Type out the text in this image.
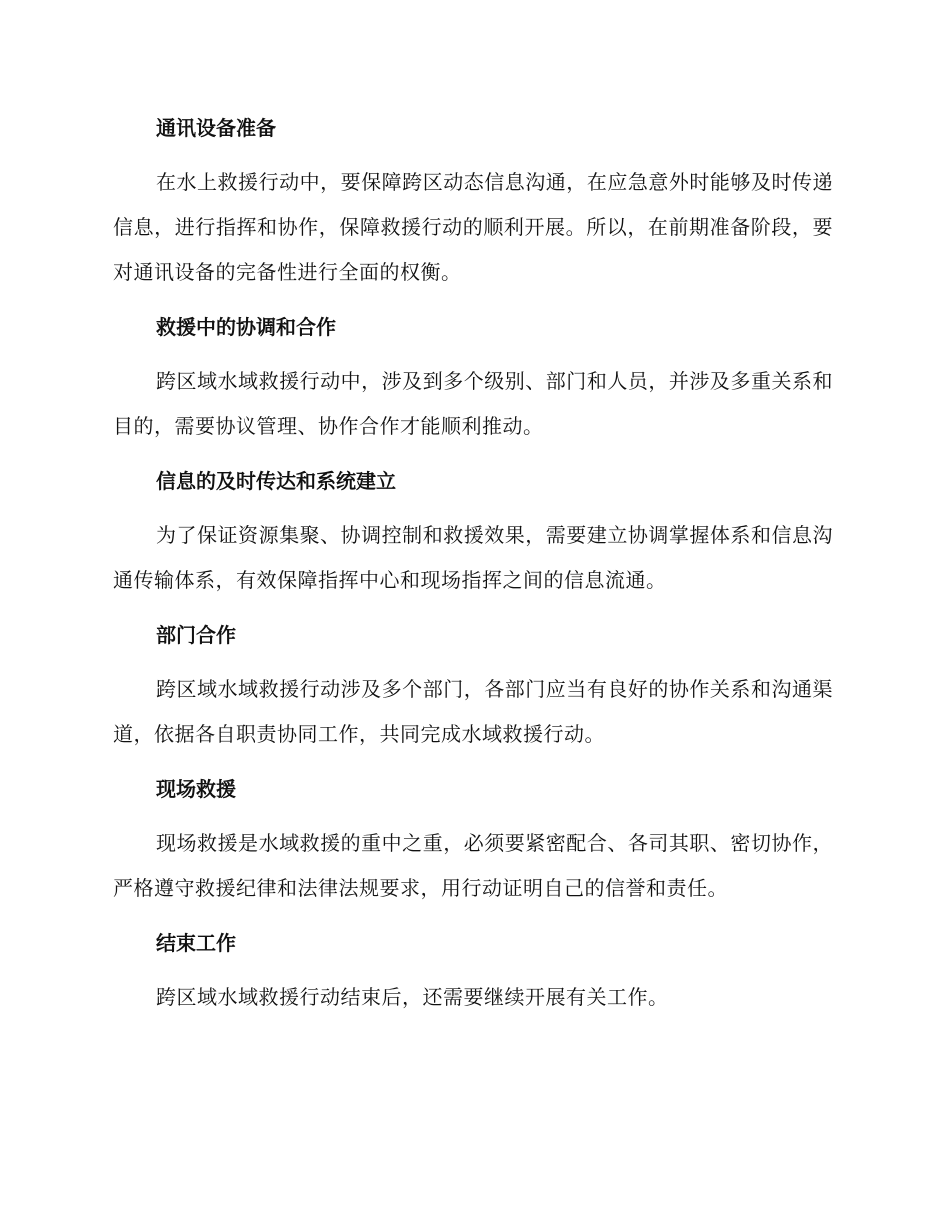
通讯设备准备

在水上救援行动中，要保障跨区动态信息沟通，在应急意外时能够及时传递信息，进行指挥和协作，保障救援行动的顺利开展。所以，在前期准备阶段，要对通讯设备的完备性进行全面的权衡。

救援中的协调和合作

跨区域水域救援行动中，涉及到多个级别、部门和人员，并涉及多重关系和目的，需要协议管理、协作合作才能顺利推动。

信息的及时传达和系统建立

为了保证资源集聚、协调控制和救援效果，需要建立协调掌握体系和信息沟通传输体系，有效保障指挥中心和现场指挥之间的信息流通。

部门合作

跨区域水域救援行动涉及多个部门，各部门应当有良好的协作关系和沟通渠道，依据各自职责协同工作，共同完成水域救援行动。

现场救援

现场救援是水域救援的重中之重，必须要紧密配合、各司其职、密切协作，严格遵守救援纪律和法律法规要求，用行动证明自己的信誉和责任。

结束工作

跨区域水域救援行动结束后，还需要继续开展有关工作。
